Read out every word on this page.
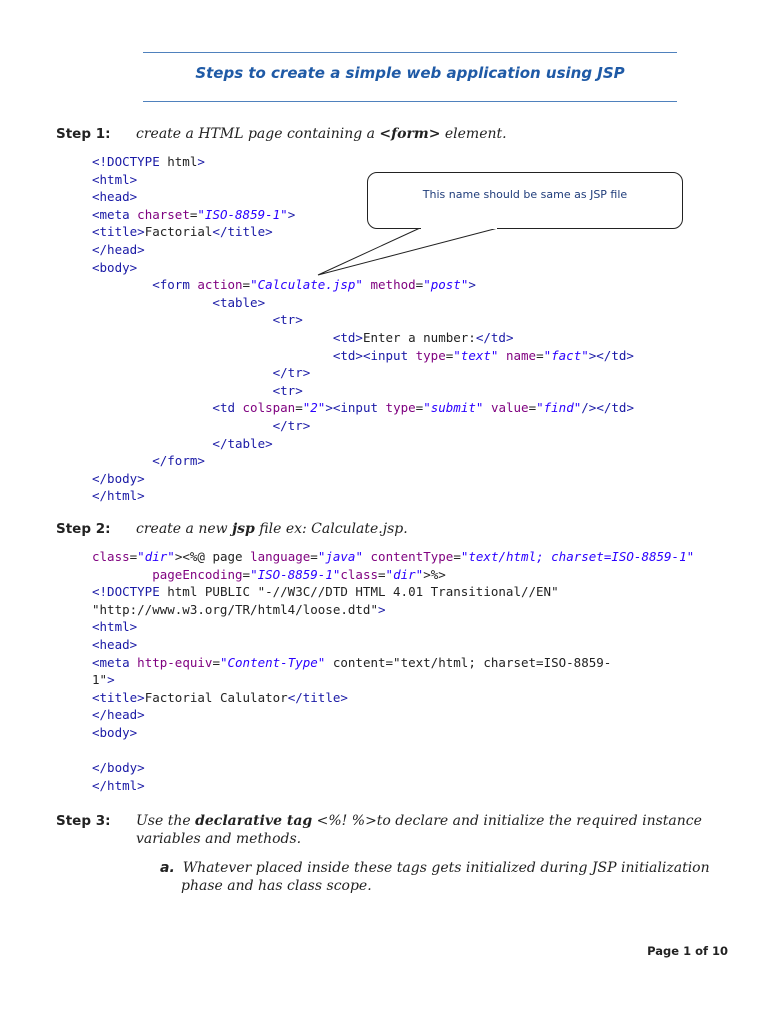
Steps to create a simple web application using JSP
Step 1: create a HTML page containing a <form> element.
<!DOCTYPE html>
<html>
<head>
<meta charset="ISO-8859-1">
<title>Factorial</title>
</head>
<body>
<form action="Calculate.jsp" method="post">
<table>
<tr>
<td>Enter a number:</td>
<td><input type="text" name="fact"></td>
</tr>
<tr>
<td colspan="2"><input type="submit" value="find"/></td>
</tr>
</table>
</form>
</body>
</html>
This name should be same as JSP file
Step 2: create a new jsp file ex: Calculate.jsp.
class="dir"><%@ page language="java" contentType="text/html; charset=ISO-8859-1"
pageEncoding="ISO-8859-1"class="dir">%>
<!DOCTYPE html PUBLIC "-//W3C//DTD HTML 4.01 Transitional//EN"
"http://www.w3.org/TR/html4/loose.dtd">
<html>
<head>
<meta http-equiv="Content-Type" content="text/html; charset=ISO-8859-
1">
<title>Factorial Calulator</title>
</head>
<body>

</body>
</html>
Step 3: Use the declarative tag <%! %>to declare and initialize the required instance
variables and methods.
a. Whatever placed inside these tags gets initialized during JSP initialization
phase and has class scope.
Page 1 of 10
